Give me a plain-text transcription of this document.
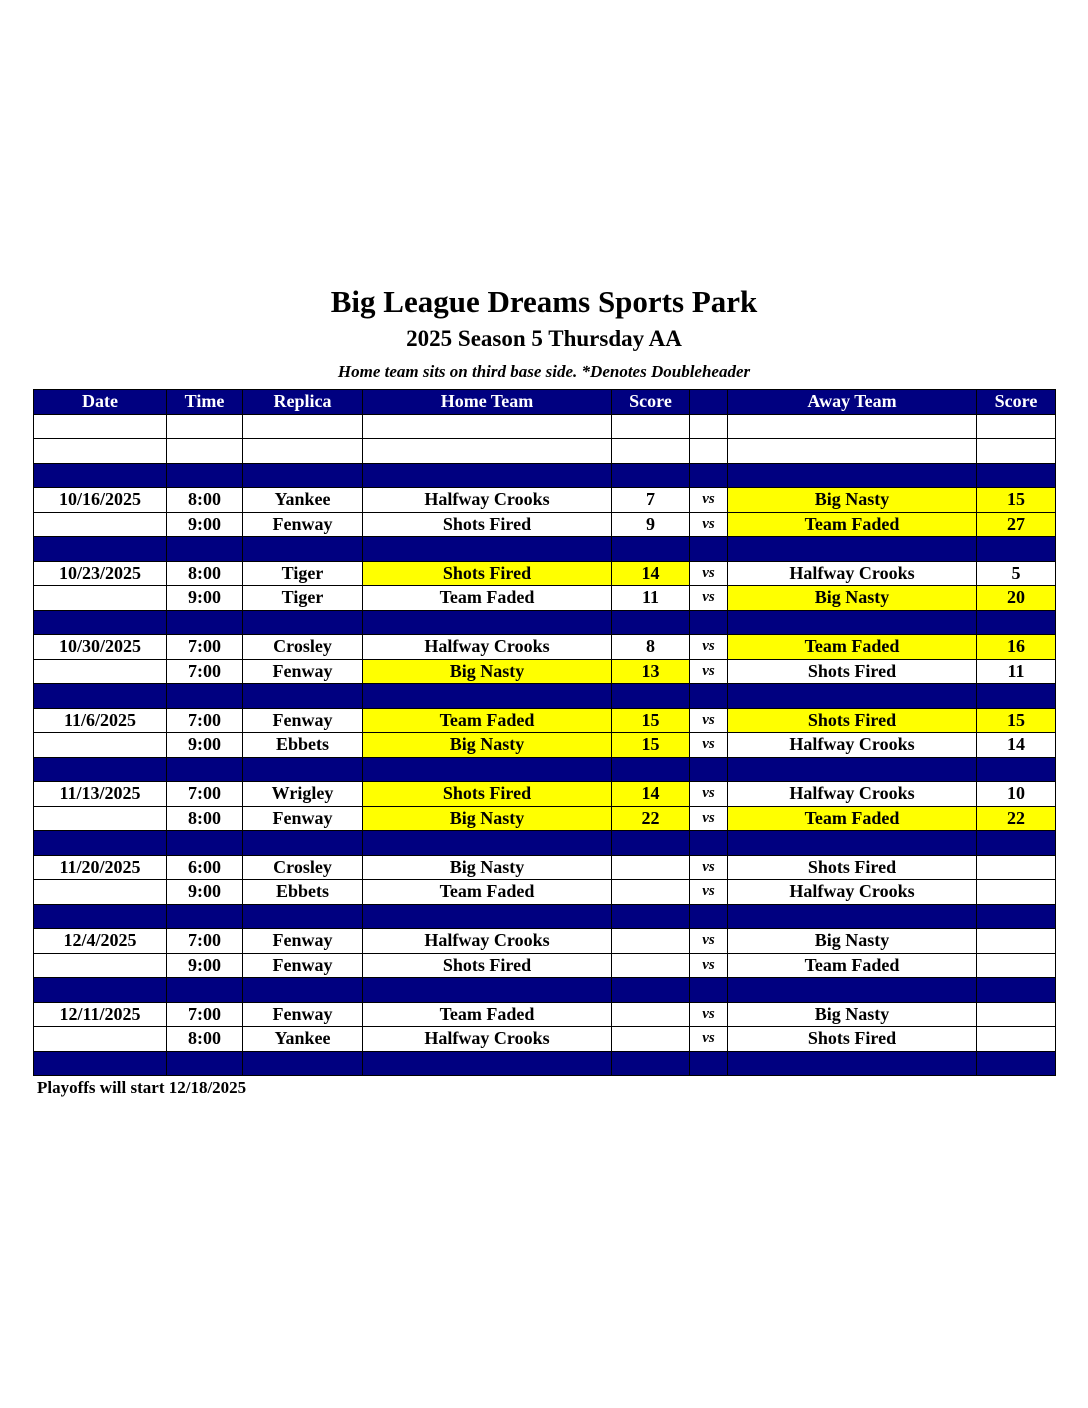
Big League Dreams Sports Park
2025 Season 5 Thursday AA
Home team sits on third base side. *Denotes Doubleheader
Date	Time	Replica	Home Team	Score		Away Team	Score

10/16/2025	8:00	Yankee	Halfway Crooks	7	vs	Big Nasty	15
	9:00	Fenway	Shots Fired	9	vs	Team Faded	27

10/23/2025	8:00	Tiger	Shots Fired	14	vs	Halfway Crooks	5
	9:00	Tiger	Team Faded	11	vs	Big Nasty	20

10/30/2025	7:00	Crosley	Halfway Crooks	8	vs	Team Faded	16
	7:00	Fenway	Big Nasty	13	vs	Shots Fired	11

11/6/2025	7:00	Fenway	Team Faded	15	vs	Shots Fired	15
	9:00	Ebbets	Big Nasty	15	vs	Halfway Crooks	14

11/13/2025	7:00	Wrigley	Shots Fired	14	vs	Halfway Crooks	10
	8:00	Fenway	Big Nasty	22	vs	Team Faded	22

11/20/2025	6:00	Crosley	Big Nasty		vs	Shots Fired	
	9:00	Ebbets	Team Faded		vs	Halfway Crooks	

12/4/2025	7:00	Fenway	Halfway Crooks		vs	Big Nasty	
	9:00	Fenway	Shots Fired		vs	Team Faded	

12/11/2025	7:00	Fenway	Team Faded		vs	Big Nasty	
	8:00	Yankee	Halfway Crooks		vs	Shots Fired	

Playoffs will start 12/18/2025
